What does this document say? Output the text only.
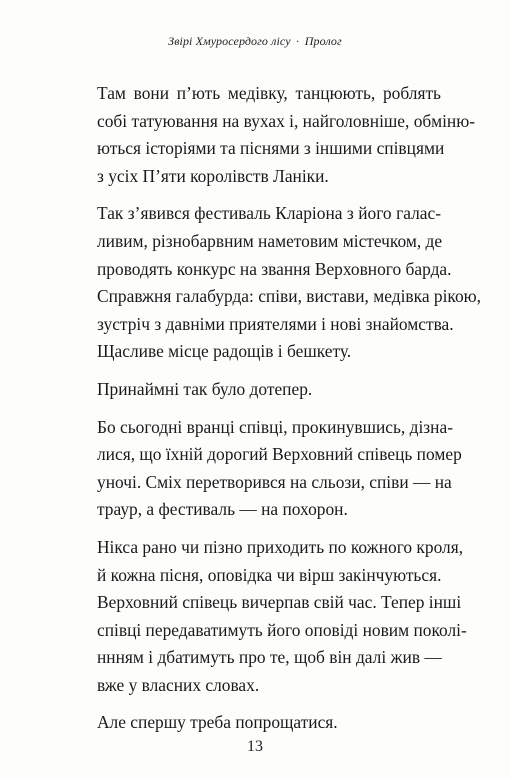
Звірі Хмуросердого лісу · Пролог

Там вони п’ють медівку, танцюють, роблять
собі татуювання на вухах і, найголовніше, обміню-
ються історіями та піснями з іншими співцями
з усіх П’яти королівств Ланіки.

Так з’явився фестиваль Клаpіона з його галас-
ливим, різнобарвним наметовим містечком, де
проводять конкурс на звання Верховного барда.
Справжня галабурда: співи, вистави, медівка рікою,
зустріч з давніми приятелями і нові знайомства.
Щасливе місце радощів і бешкету.

Принаймні так було дотепер.

Бо сьогодні вранці співці, прокинувшись, дізна-
лися, що їхній дорогий Верховний співець помер
уночі. Сміх перетворився на сльози, співи — на
траур, а фестиваль — на похорон.

Нікса рано чи пізно приходить по кожного кроля,
й кожна пісня, оповідка чи вірш закінчуються.
Верховний співець вичерпав свій час. Тепер інші
співці передаватимуть його оповіді новим поколі-
ннням і дбатимуть про те, щоб він далі жив —
вже у власних словах.

Але спершу треба попрощатися.

13
